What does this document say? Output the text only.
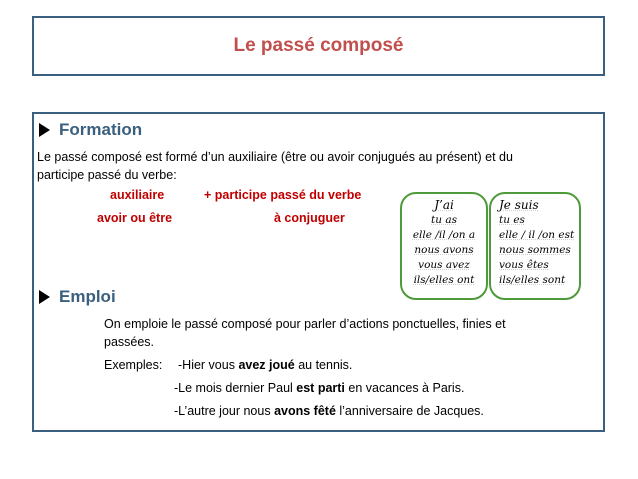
Le passé composé
Formation
Le passé composé est formé d’un auxiliaire (être ou avoir conjugués au présent) et du
participe passé du verbe:
auxiliaire	+ participe passé du verbe
avoir ou être	à conjuguer
J’ai
tu as
elle /il /on a
nous avons
vous avez
ils/elles ont
Je suis
tu es
elle / il /on est
nous sommes
vous êtes
ils/elles sont
Emploi
On emploie le passé composé pour parler d’actions ponctuelles, finies et
passées.
Exemples: -Hier vous avez joué au tennis.
-Le mois dernier Paul est parti en vacances à Paris.
-L’autre jour nous avons fêté l’anniversaire de Jacques.
